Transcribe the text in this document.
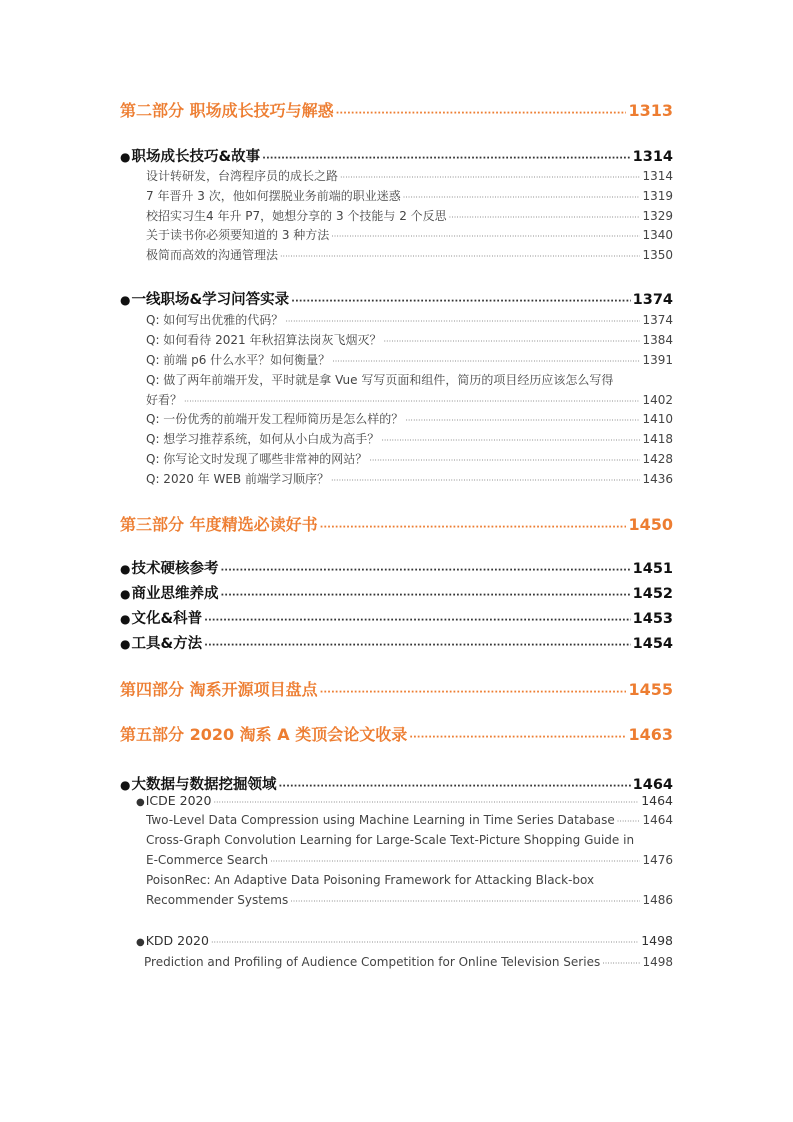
第二部分 职场成长技巧与解惑 ·····	1313
● 职场成长技巧&故事 ·····	1314
设计转研发，台湾程序员的成长之路 ·····	1314
7 年晋升 3 次，他如何摆脱业务前端的职业迷惑 ·····	1319
校招实习生4 年升 P7，她想分享的 3 个技能与 2 个反思 ·····	1329
关于读书你必须要知道的 3 种方法 ·····	1340
极简而高效的沟通管理法 ·····	1350
● 一线职场&学习问答实录 ·····	1374
Q: 如何写出优雅的代码？ ·····	1374
Q: 如何看待 2021 年秋招算法岗灰飞烟灭？ ·····	1384
Q: 前端 p6 什么水平？如何衡量？ ·····	1391
Q: 做了两年前端开发，平时就是拿 Vue 写写页面和组件，简历的项目经历应该怎么写得
好看？ ·····	1402
Q: 一份优秀的前端开发工程师简历是怎么样的？ ·····	1410
Q: 想学习推荐系统，如何从小白成为高手？ ·····	1418
Q: 你写论文时发现了哪些非常神的网站？ ·····	1428
Q: 2020 年 WEB 前端学习顺序？ ·····	1436
第三部分 年度精选必读好书 ·····	1450
● 技术硬核参考 ·····	1451
● 商业思维养成 ·····	1452
● 文化&科普 ·····	1453
● 工具&方法 ·····	1454
第四部分 淘系开源项目盘点 ·····	1455
第五部分 2020 淘系 A 类顶会论文收录 ·····	1463
● 大数据与数据挖掘领域 ·····	1464
● ICDE 2020 ·····	1464
Two-Level Data Compression using Machine Learning in Time Series Database ····· 1464
Cross-Graph Convolution Learning for Large-Scale Text-Picture Shopping Guide in
E-Commerce Search ·····	1476
PoisonRec: An Adaptive Data Poisoning Framework for Attacking Black-box
Recommender Systems ·····	1486
● KDD 2020 ·····	1498
Prediction and Profiling of Audience Competition for Online Television Series ·····	1498
